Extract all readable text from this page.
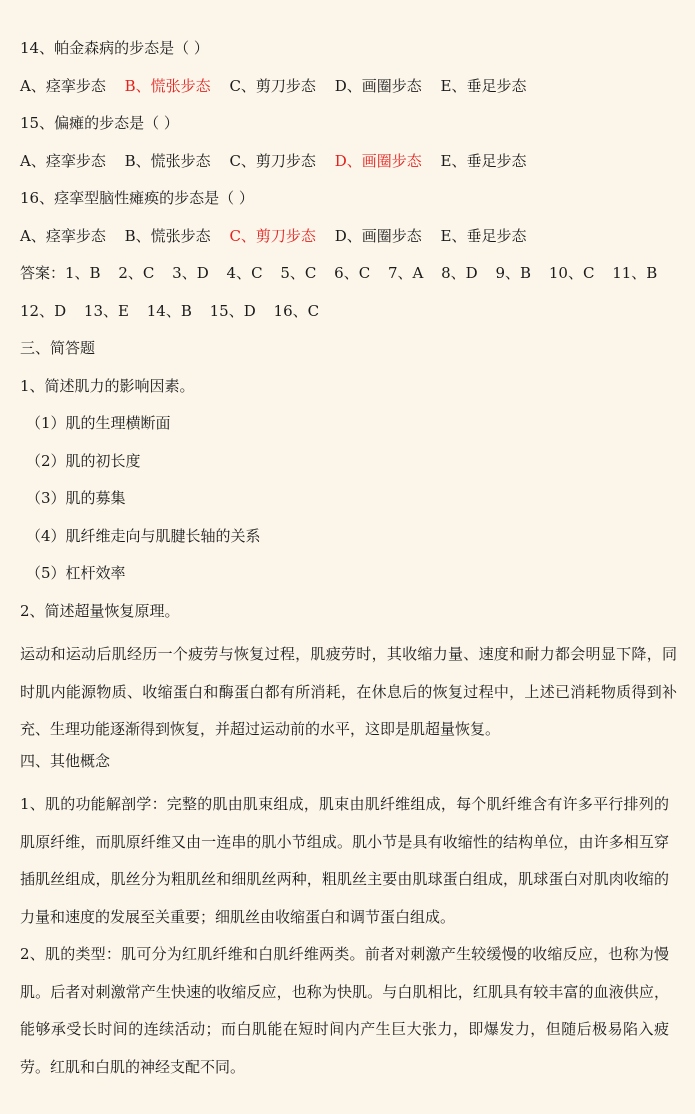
14、帕金森病的步态是（ ）
A、痉挛步态 B、慌张步态 C、剪刀步态 D、画圈步态 E、垂足步态
15、偏瘫的步态是（ ）
A、痉挛步态 B、慌张步态 C、剪刀步态 D、画圈步态 E、垂足步态
16、痉挛型脑性瘫痪的步态是（ ）
A、痉挛步态 B、慌张步态 C、剪刀步态 D、画圈步态 E、垂足步态
答案：1、B 2、C 3、D 4、C 5、C 6、C 7、A 8、D 9、B 10、C 11、B
12、D 13、E 14、B 15、D 16、C
三、简答题
1、简述肌力的影响因素。
（1）肌的生理横断面
（2）肌的初长度
（3）肌的募集
（4）肌纤维走向与肌腱长轴的关系
（5）杠杆效率
2、简述超量恢复原理。

运动和运动后肌经历一个疲劳与恢复过程，肌疲劳时，其收缩力量、速度和耐力都会明显下降，同时肌内能源物质、收缩蛋白和酶蛋白都有所消耗，在休息后的恢复过程中，上述已消耗物质得到补充、生理功能逐渐得到恢复，并超过运动前的水平，这即是肌超量恢复。

四、其他概念

1、肌的功能解剖学：完整的肌由肌束组成，肌束由肌纤维组成，每个肌纤维含有许多平行排列的肌原纤维，而肌原纤维又由一连串的肌小节组成。肌小节是具有收缩性的结构单位，由许多相互穿插肌丝组成，肌丝分为粗肌丝和细肌丝两种，粗肌丝主要由肌球蛋白组成，肌球蛋白对肌肉收缩的力量和速度的发展至关重要；细肌丝由收缩蛋白和调节蛋白组成。

2、肌的类型：肌可分为红肌纤维和白肌纤维两类。前者对刺激产生较缓慢的收缩反应，也称为慢肌。后者对刺激常产生快速的收缩反应，也称为快肌。与白肌相比，红肌具有较丰富的血液供应，能够承受长时间的连续活动；而白肌能在短时间内产生巨大张力，即爆发力，但随后极易陷入疲劳。红肌和白肌的神经支配不同。
